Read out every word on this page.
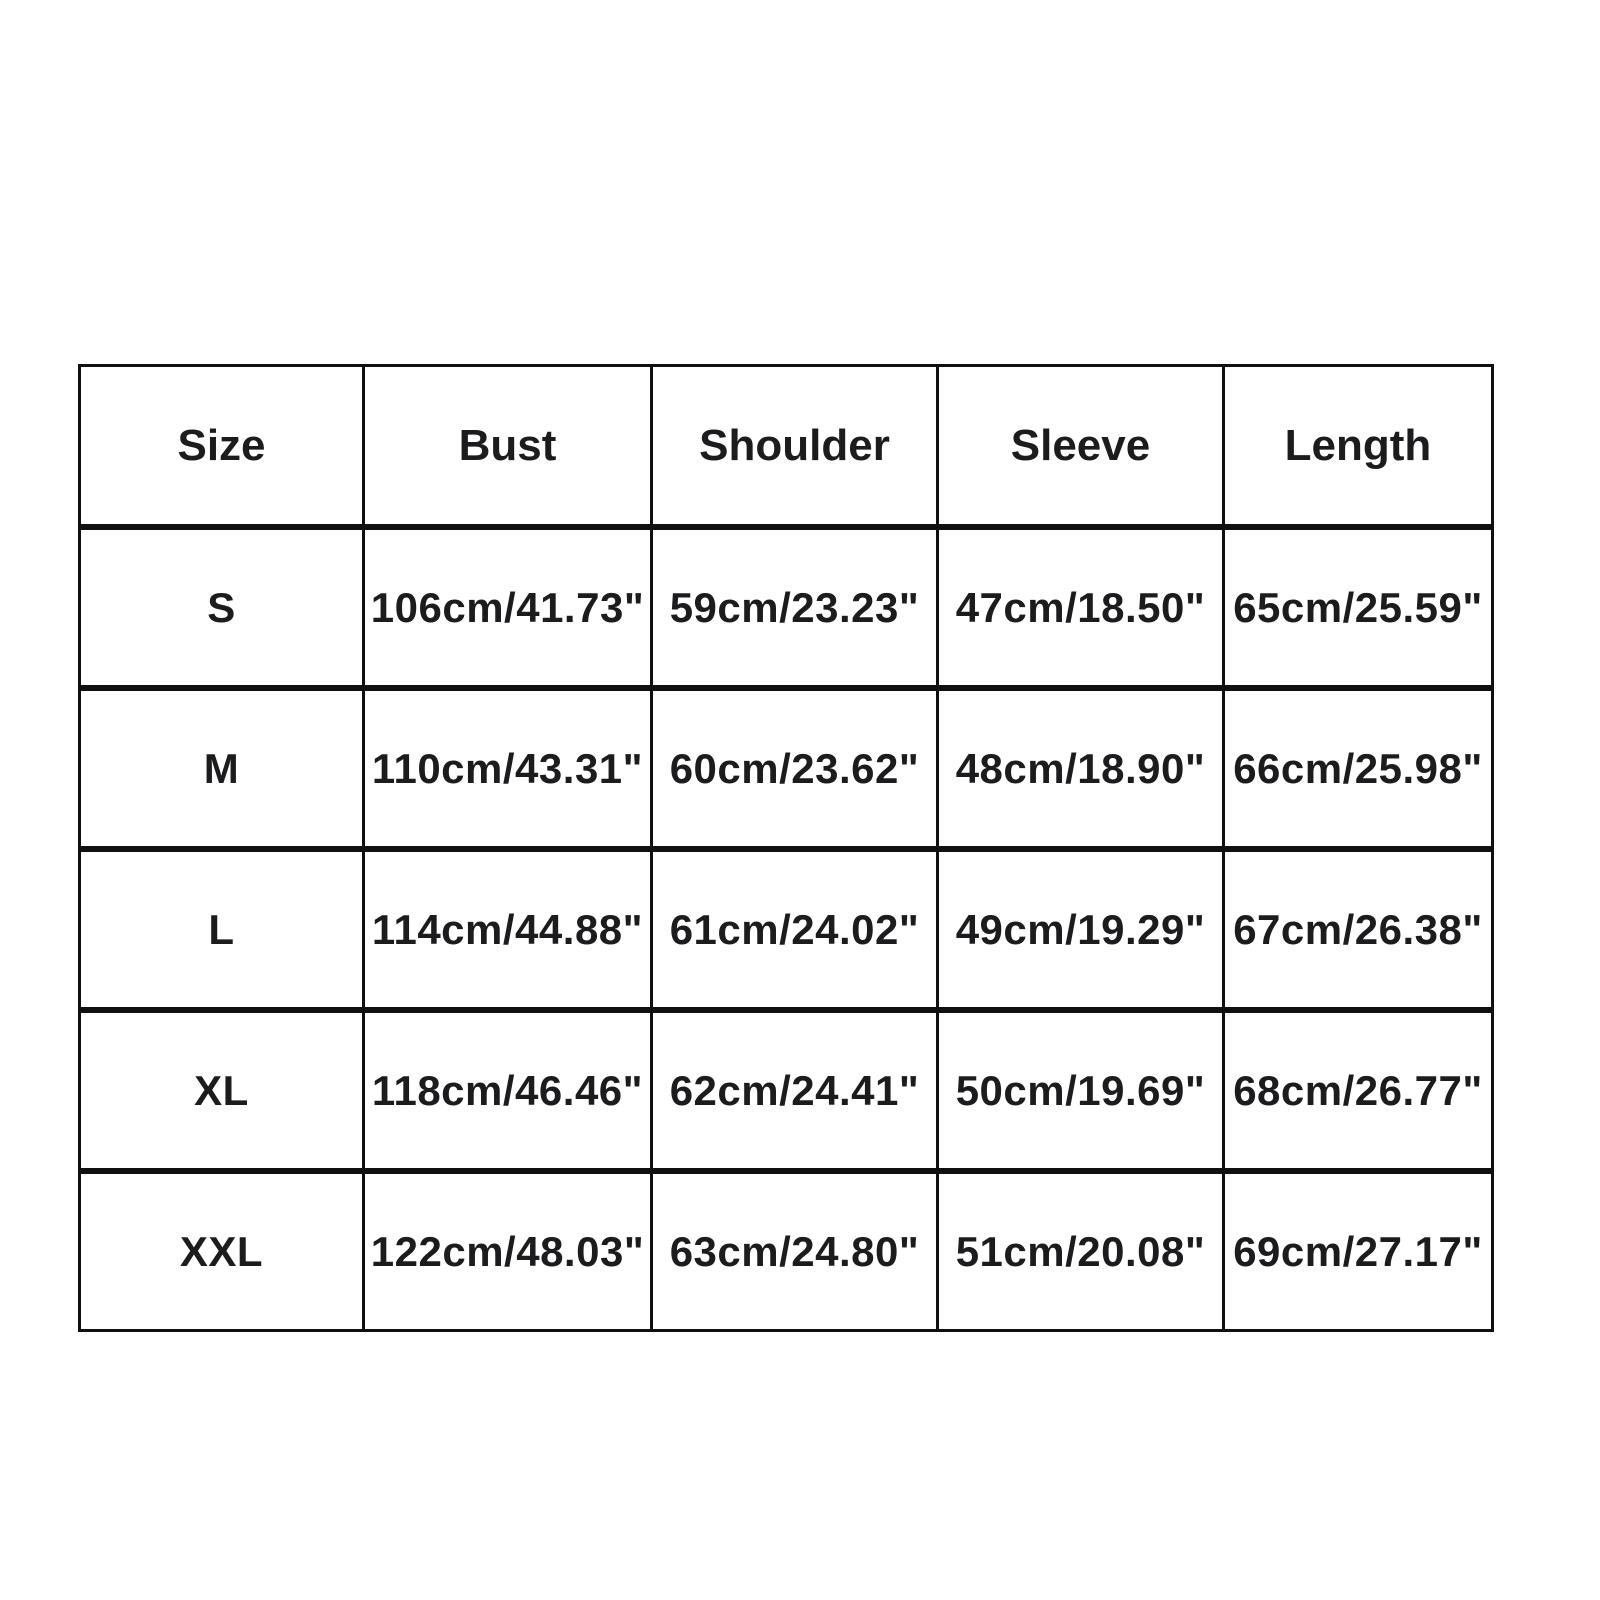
Size	Bust	Shoulder	Sleeve	Length
S	106cm/41.73"	59cm/23.23"	47cm/18.50"	65cm/25.59"
M	110cm/43.31"	60cm/23.62"	48cm/18.90"	66cm/25.98"
L	114cm/44.88"	61cm/24.02"	49cm/19.29"	67cm/26.38"
XL	118cm/46.46"	62cm/24.41"	50cm/19.69"	68cm/26.77"
XXL	122cm/48.03"	63cm/24.80"	51cm/20.08"	69cm/27.17"
